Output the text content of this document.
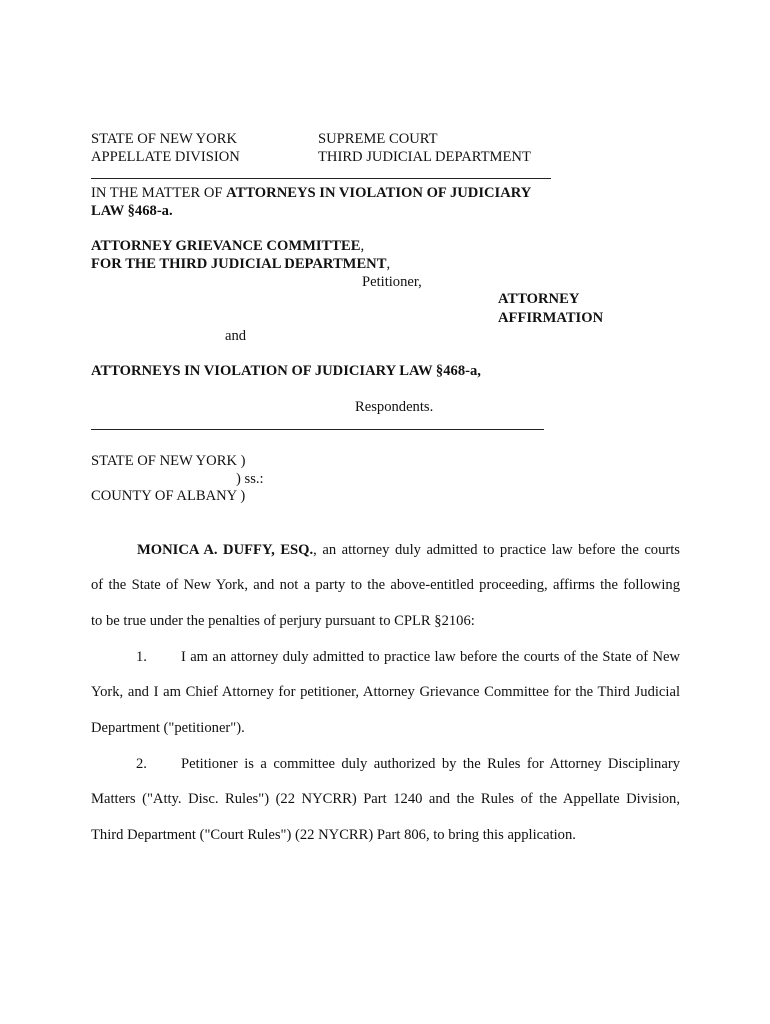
STATE OF NEW YORK
APPELLATE DIVISION
SUPREME COURT
THIRD JUDICIAL DEPARTMENT
IN THE MATTER OF ATTORNEYS IN VIOLATION OF JUDICIARY
LAW §468-a.
ATTORNEY GRIEVANCE COMMITTEE,
FOR THE THIRD JUDICIAL DEPARTMENT,
Petitioner,
ATTORNEY
AFFIRMATION
and
ATTORNEYS IN VIOLATION OF JUDICIARY LAW §468-a,
Respondents.
STATE OF NEW YORK )
) ss.:
COUNTY OF ALBANY )
MONICA A. DUFFY, ESQ., an attorney duly admitted to practice law before the courts
of the State of New York, and not a party to the above-entitled proceeding, affirms the following
to be true under the penalties of perjury pursuant to CPLR §2106:
1. I am an attorney duly admitted to practice law before the courts of the State of New
York, and I am Chief Attorney for petitioner, Attorney Grievance Committee for the Third Judicial
Department ("petitioner").
2. Petitioner is a committee duly authorized by the Rules for Attorney Disciplinary
Matters ("Atty. Disc. Rules") (22 NYCRR) Part 1240 and the Rules of the Appellate Division,
Third Department ("Court Rules") (22 NYCRR) Part 806, to bring this application.
